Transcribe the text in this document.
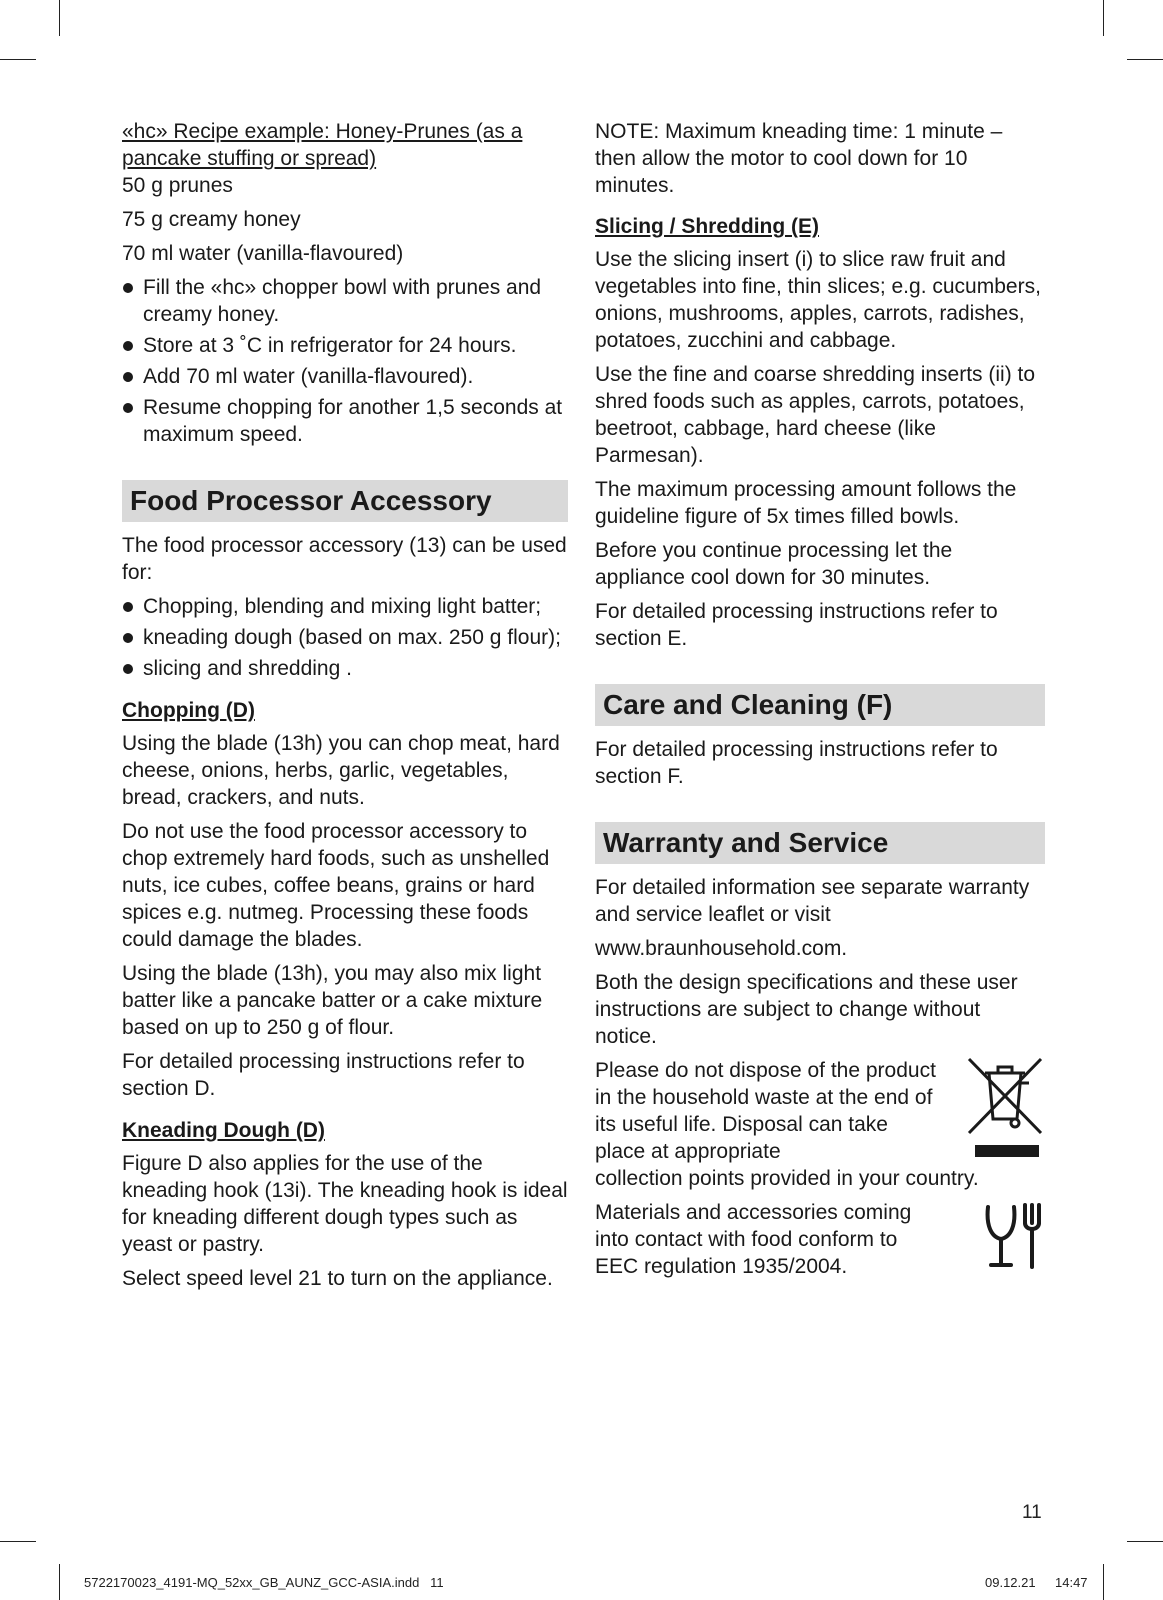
«hc» Recipe example: Honey-Prunes (as a pancake stuffing or spread)

50 g prunes

75 g creamy honey

70 ml water (vanilla-flavoured)

Fill the «hc» chopper bowl with prunes and creamy honey.
Store at 3 ˚C in refrigerator for 24 hours.
Add 70 ml water (vanilla-flavoured).
Resume chopping for another 1,5 seconds at maximum speed.
Food Processor Accessory

The food processor accessory (13) can be used for:

Chopping, blending and mixing light batter;
kneading dough (based on max. 250 g flour);
slicing and shredding .
Chopping (D)

Using the blade (13h) you can chop meat, hard cheese, onions, herbs, garlic, vegetables, bread, crackers, and nuts.

Do not use the food processor accessory to chop extremely hard foods, such as unshelled nuts, ice cubes, coffee beans, grains or hard spices e.g. nutmeg. Processing these foods could damage the blades.

Using the blade (13h), you may also mix light batter like a pancake batter or a cake mixture based on up to 250 g of flour.

For detailed processing instructions refer to section D.

Kneading Dough (D)

Figure D also applies for the use of the kneading hook (13i). The kneading hook is ideal for kneading different dough types such as yeast or pastry.

Select speed level 21 to turn on the appliance.

NOTE: Maximum kneading time: 1 minute – then allow the motor to cool down for 10 minutes.

Slicing / Shredding (E)

Use the slicing insert (i) to slice raw fruit and vegetables into fine, thin slices; e.g. cucumbers, onions, mushrooms, apples, carrots, radishes, potatoes, zucchini and cabbage.

Use the fine and coarse shredding inserts (ii) to shred foods such as apples, carrots, potatoes, beetroot, cabbage, hard cheese (like Parmesan).

The maximum processing amount follows the guideline figure of 5x times filled bowls.

Before you continue processing let the appliance cool down for 30 minutes.

For detailed processing instructions refer to section E.

Care and Cleaning (F)

For detailed processing instructions refer to section F.

Warranty and Service

For detailed information see separate warranty and service leaflet or visit

www.braunhousehold.com.

Both the design specifications and these user instructions are subject to change without notice.

Please do not dispose of the product in the household waste at the end of its useful life. Disposal can take place at appropriate

collection points provided in your country.

Materials and accessories coming into contact with food conform to EEC regulation 1935/2004.
11
5722170023_4191-MQ_52xx_GB_AUNZ_GCC-ASIA.indd   11	09.12.21 14:47
